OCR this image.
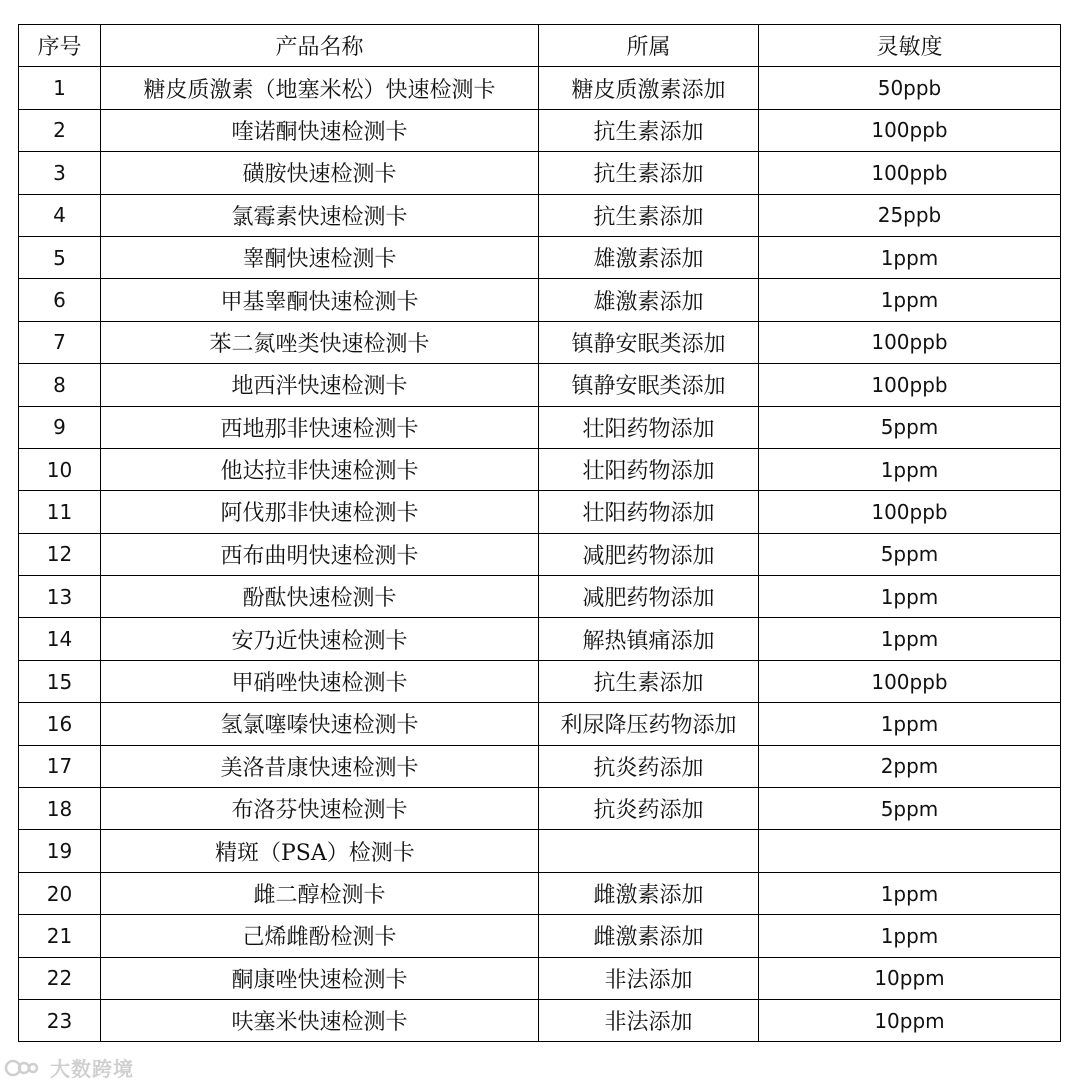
序号	产品名称	所属	灵敏度
1	糖皮质激素（地塞米松）快速检测卡	糖皮质激素添加	50ppb
2	喹诺酮快速检测卡	抗生素添加	100ppb
3	磺胺快速检测卡	抗生素添加	100ppb
4	氯霉素快速检测卡	抗生素添加	25ppb
5	睾酮快速检测卡	雄激素添加	1ppm
6	甲基睾酮快速检测卡	雄激素添加	1ppm
7	苯二氮唑类快速检测卡	镇静安眠类添加	100ppb
8	地西泮快速检测卡	镇静安眠类添加	100ppb
9	西地那非快速检测卡	壮阳药物添加	5ppm
10	他达拉非快速检测卡	壮阳药物添加	1ppm
11	阿伐那非快速检测卡	壮阳药物添加	100ppb
12	西布曲明快速检测卡	减肥药物添加	5ppm
13	酚酞快速检测卡	减肥药物添加	1ppm
14	安乃近快速检测卡	解热镇痛添加	1ppm
15	甲硝唑快速检测卡	抗生素添加	100ppb
16	氢氯噻嗪快速检测卡	利尿降压药物添加	1ppm
17	美洛昔康快速检测卡	抗炎药添加	2ppm
18	布洛芬快速检测卡	抗炎药添加	5ppm
19	精斑（PSA）检测卡		
20	雌二醇检测卡	雌激素添加	1ppm
21	己烯雌酚检测卡	雌激素添加	1ppm
22	酮康唑快速检测卡	非法添加	10ppm
23	呋塞米快速检测卡	非法添加	10ppm
大数跨境
